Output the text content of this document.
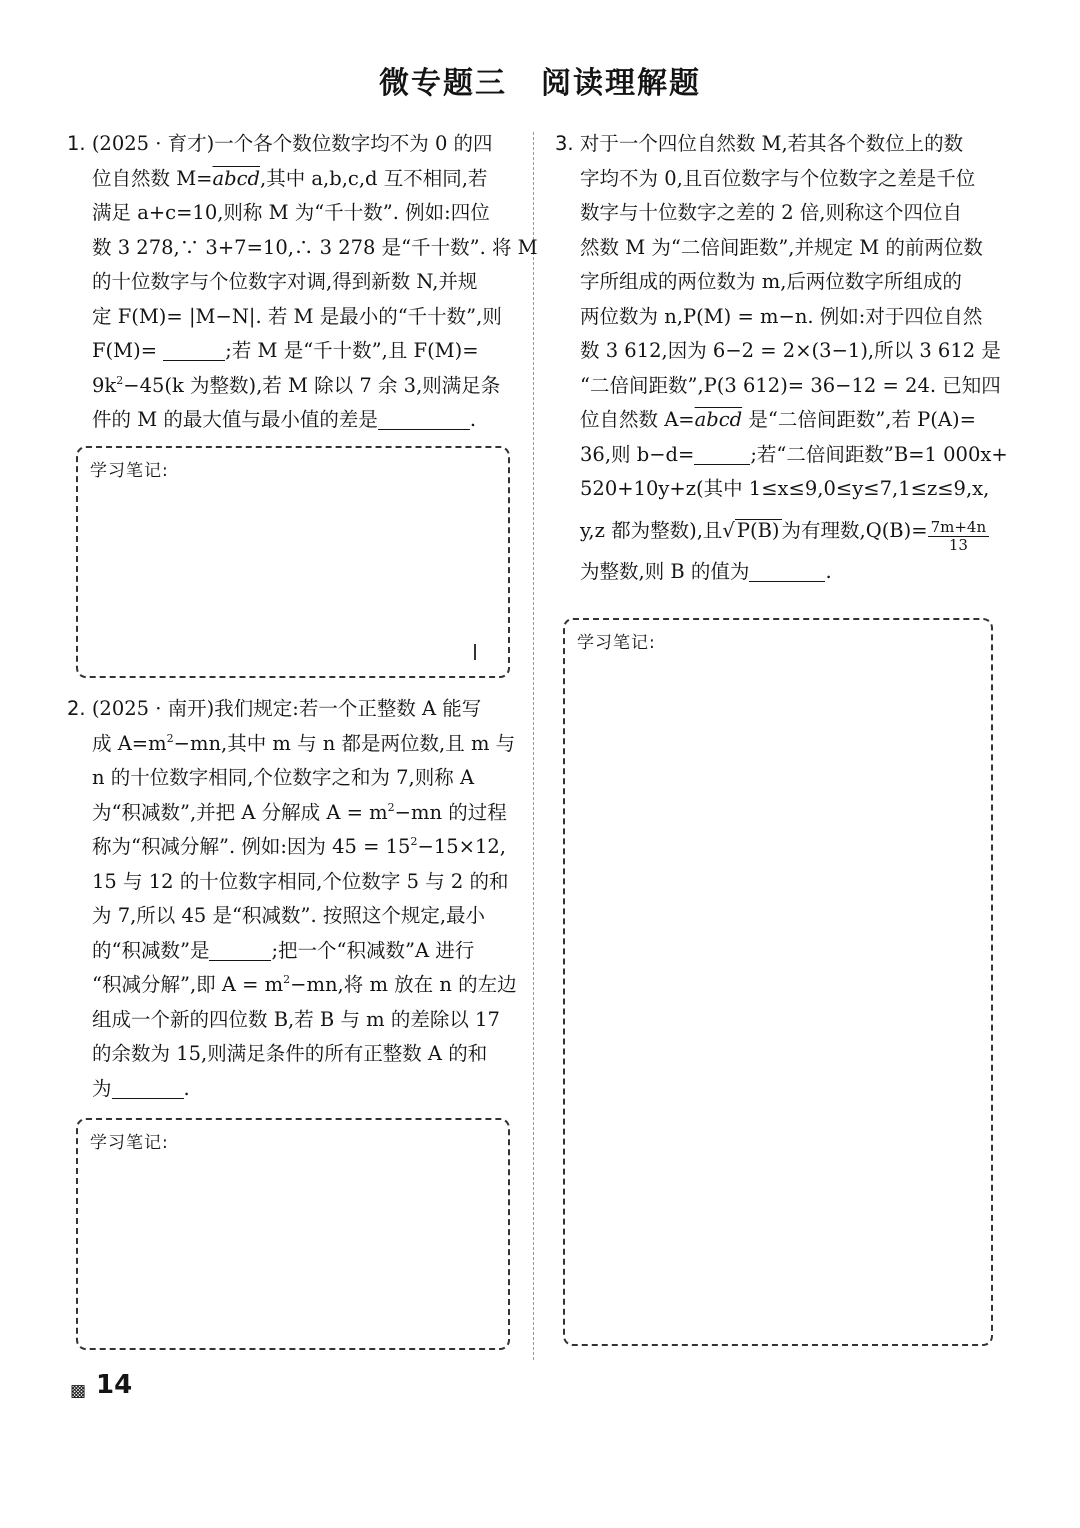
微专题三 阅读理解题
1. (2025 · 育才)一个各个数位数字均不为 0 的四
位自然数 M=abcd,其中 a,b,c,d 互不相同,若
满足 a+c=10,则称 M 为“千十数”. 例如:四位
数 3 278,∵ 3+7=10,∴ 3 278 是“千十数”. 将 M
的十位数字与个位数字对调,得到新数 N,并规
定 F(M)= |M−N|. 若 M 是最小的“千十数”,则
F(M)=	;若 M 是“千十数”,且 F(M)=
$9k^2-45(k$ 为整数),若 M 除以 7 余 3,则满足条
件的 M 的最大值与最小值的差是	.
学习笔记:
2. (2025 · 南开)我们规定:若一个正整数 A 能写
成 $A=m^2-mn$,其中 m 与 n 都是两位数,且 m 与
n 的十位数字相同,个位数字之和为 7,则称 A
为“积减数”,并把 A 分解成 $A = m^2-mn$ 的过程
称为“积减分解”. 例如:因为 $45 = 15^2-15\times 12$,
15 与 12 的十位数字相同,个位数字 5 与 2 的和
为 7,所以 45 是“积减数”. 按照这个规定,最小
的“积减数”是	;把一个“积减数”A 进行
“积减分解”,即 $A = m^2-mn$,将 m 放在 n 的左边
组成一个新的四位数 B,若 B 与 m 的差除以 17
的余数为 15,则满足条件的所有正整数 A 的和
为	.
学习笔记:
3. 对于一个四位自然数 M,若其各个数位上的数
字均不为 0,且百位数字与个位数字之差是千位
数字与十位数字之差的 2 倍,则称这个四位自
然数 M 为“二倍间距数”,并规定 M 的前两位数
字所组成的两位数为 m,后两位数字所组成的
两位数为 n,P(M) = m−n. 例如:对于四位自然
数 3 612,因为 6−2 = 2×(3−1),所以 3 612 是
“二倍间距数”,P(3 612)= 36−12 = 24. 已知四
位自然数 A=abcd 是“二倍间距数”,若 P(A)=
36,则 b−d=	;若“二倍间距数”B=1 000x+
520+10y+z(其中 1≤x≤9,0≤y≤7,1≤z≤9,x,
y,z 都为整数),且√ P(B) 为有理数$,Q(B)= \frac{7m+4n}{13}$
为整数,则 B 的值为	.
学习笔记:
▩ 14
